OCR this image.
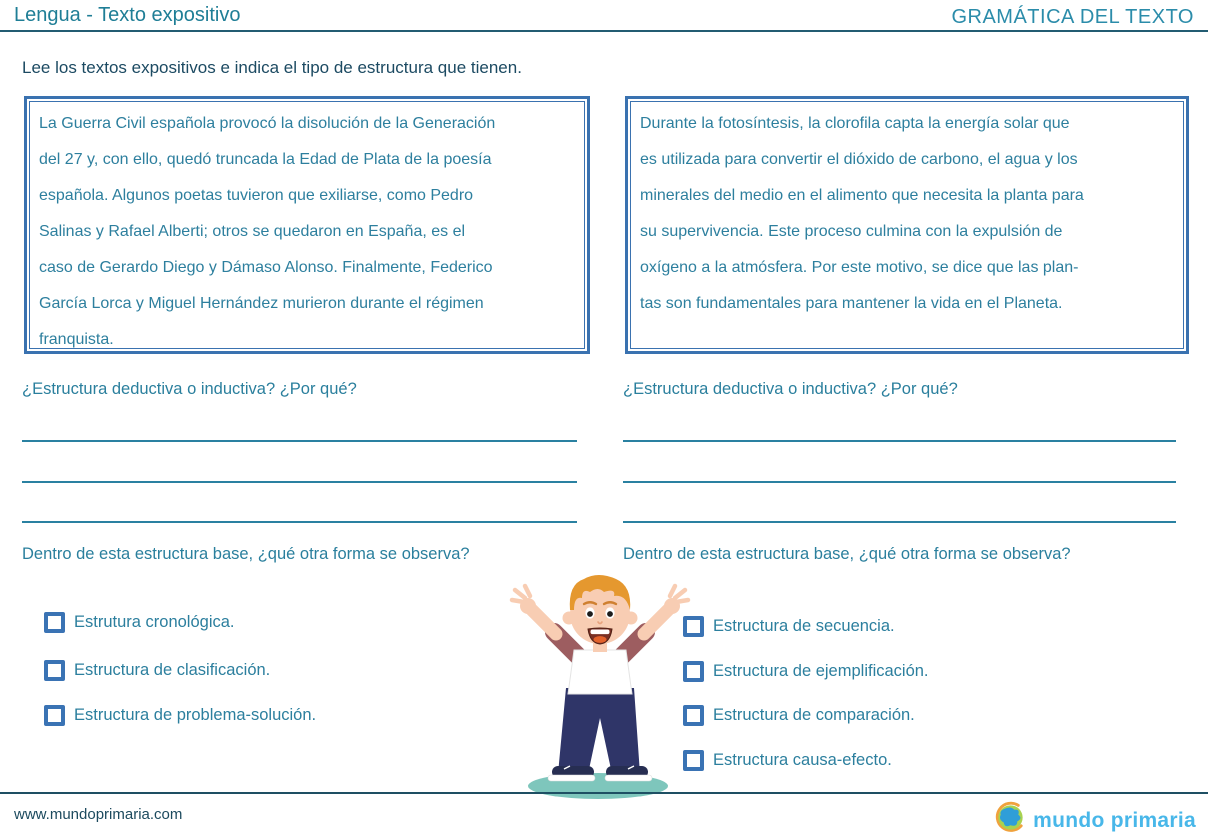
Lengua - Texto expositivo	GRAMÁTICA DEL TEXTO
Lee los textos expositivos e indica el tipo de estructura que tienen.
La Guerra Civil española provocó la disolución de la Generación
del 27 y, con ello, quedó truncada la Edad de Plata de la poesía
española. Algunos poetas tuvieron que exiliarse, como Pedro
Salinas y Rafael Alberti; otros se quedaron en España, es el
caso de Gerardo Diego y Dámaso Alonso. Finalmente, Federico
García Lorca y Miguel Hernández murieron durante el régimen
franquista.
¿Estructura deductiva o inductiva? ¿Por qué?
Dentro de esta estructura base, ¿qué otra forma se observa?
Estrutura cronológica.
Estructura de clasificación.
Estructura de problema-solución.
Durante la fotosíntesis, la clorofila capta la energía solar que
es utilizada para convertir el dióxido de carbono, el agua y los
minerales del medio en el alimento que necesita la planta para
su supervivencia. Este proceso culmina con la expulsión de
oxígeno a la atmósfera. Por este motivo, se dice que las plan-
tas son fundamentales para mantener la vida en el Planeta.
¿Estructura deductiva o inductiva? ¿Por qué?
Dentro de esta estructura base, ¿qué otra forma se observa?
Estructura de secuencia.
Estructura de ejemplificación.
Estructura de comparación.
Estructura causa-efecto.
www.mundoprimaria.com	mundo primaria
